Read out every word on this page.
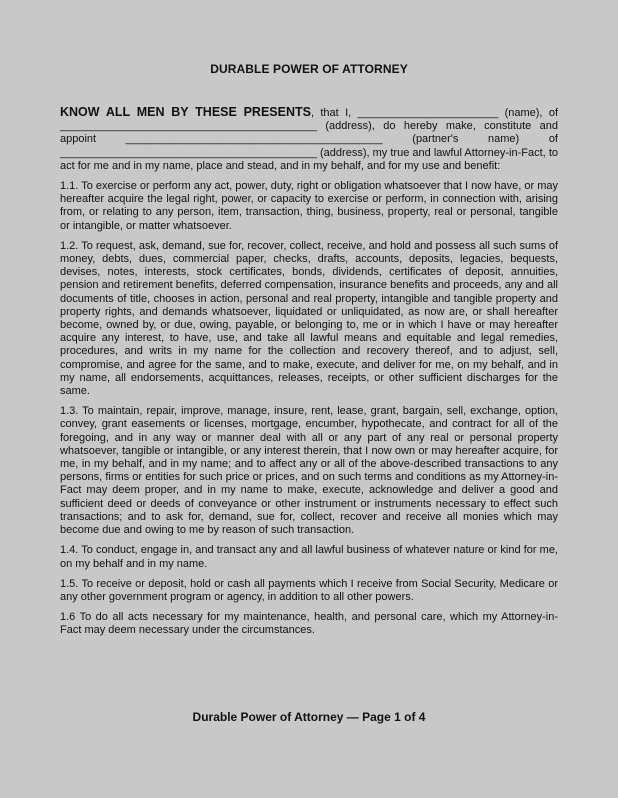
DURABLE POWER OF ATTORNEY

KNOW ALL MEN BY THESE PRESENTS, that I, _______________________ (name), of __________________________________________ (address), do hereby make, constitute and appoint __________________________________________ (partner's name) of __________________________________________ (address), my true and lawful Attorney-in-Fact, to act for me and in my name, place and stead, and in my behalf, and for my use and benefit:

1.1. To exercise or perform any act, power, duty, right or obligation whatsoever that I now have, or may hereafter acquire the legal right, power, or capacity to exercise or perform, in connection with, arising from, or relating to any person, item, transaction, thing, business, property, real or personal, tangible or intangible, or matter whatsoever.

1.2. To request, ask, demand, sue for, recover, collect, receive, and hold and possess all such sums of money, debts, dues, commercial paper, checks, drafts, accounts, deposits, legacies, bequests, devises, notes, interests, stock certificates, bonds, dividends, certificates of deposit, annuities, pension and retirement benefits, deferred compensation, insurance benefits and proceeds, any and all documents of title, chooses in action, personal and real property, intangible and tangible property and property rights, and demands whatsoever, liquidated or unliquidated, as now are, or shall hereafter become, owned by, or due, owing, payable, or belonging to, me or in which I have or may hereafter acquire any interest, to have, use, and take all lawful means and equitable and legal remedies, procedures, and writs in my name for the collection and recovery thereof, and to adjust, sell, compromise, and agree for the same, and to make, execute, and deliver for me, on my behalf, and in my name, all endorsements, acquittances, releases, receipts, or other sufficient discharges for the same.

1.3. To maintain, repair, improve, manage, insure, rent, lease, grant, bargain, sell, exchange, option, convey, grant easements or licenses, mortgage, encumber, hypothecate, and contract for all of the foregoing, and in any way or manner deal with all or any part of any real or personal property whatsoever, tangible or intangible, or any interest therein, that I now own or may hereafter acquire, for me, in my behalf, and in my name; and to affect any or all of the above-described transactions to any persons, firms or entities for such price or prices, and on such terms and conditions as my Attorney-in-Fact may deem proper, and in my name to make, execute, acknowledge and deliver a good and sufficient deed or deeds of conveyance or other instrument or instruments necessary to effect such transactions; and to ask for, demand, sue for, collect, recover and receive all monies which may become due and owing to me by reason of such transaction.

1.4. To conduct, engage in, and transact any and all lawful business of whatever nature or kind for me, on my behalf and in my name.

1.5. To receive or deposit, hold or cash all payments which I receive from Social Security, Medicare or any other government program or agency, in addition to all other powers.

1.6 To do all acts necessary for my maintenance, health, and personal care, which my Attorney-in-Fact may deem necessary under the circumstances.

Durable Power of Attorney — Page 1 of 4
